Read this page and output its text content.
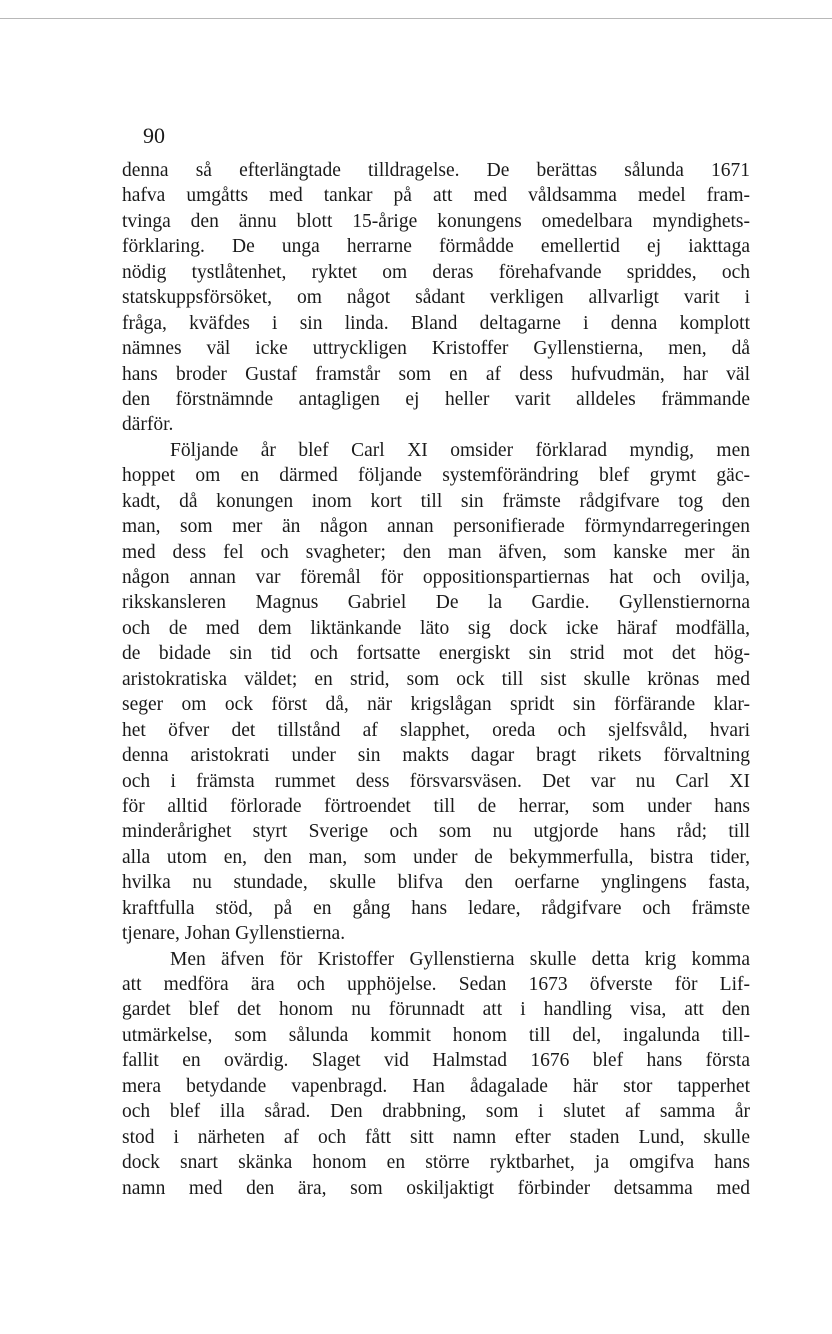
90
denna så efterlängtade tilldragelse. De berättas sålunda 1671
hafva umgåtts med tankar på att med våldsamma medel fram-
tvinga den ännu blott 15-årige konungens omedelbara myndighets-
förklaring. De unga herrarne förmådde emellertid ej iakttaga
nödig tystlåtenhet, ryktet om deras förehafvande spriddes, och
statskuppsförsöket, om något sådant verkligen allvarligt varit i
fråga, kväfdes i sin linda. Bland deltagarne i denna komplott
nämnes väl icke uttryckligen Kristoffer Gyllenstierna, men, då
hans broder Gustaf framstår som en af dess hufvudmän, har väl
den förstnämnde antagligen ej heller varit alldeles främmande
därför.
Följande år blef Carl XI omsider förklarad myndig, men
hoppet om en därmed följande systemförändring blef grymt gäc-
kadt, då konungen inom kort till sin främste rådgifvare tog den
man, som mer än någon annan personifierade förmyndarregeringen
med dess fel och svagheter; den man äfven, som kanske mer än
någon annan var föremål för oppositionspartiernas hat och ovilja,
rikskansleren Magnus Gabriel De la Gardie. Gyllenstiernorna
och de med dem liktänkande läto sig dock icke häraf modfälla,
de bidade sin tid och fortsatte energiskt sin strid mot det hög-
aristokratiska väldet; en strid, som ock till sist skulle krönas med
seger om ock först då, när krigslågan spridt sin förfärande klar-
het öfver det tillstånd af slapphet, oreda och sjelfsvåld, hvari
denna aristokrati under sin makts dagar bragt rikets förvaltning
och i främsta rummet dess försvarsväsen. Det var nu Carl XI
för alltid förlorade förtroendet till de herrar, som under hans
minderårighet styrt Sverige och som nu utgjorde hans råd; till
alla utom en, den man, som under de bekymmerfulla, bistra tider,
hvilka nu stundade, skulle blifva den oerfarne ynglingens fasta,
kraftfulla stöd, på en gång hans ledare, rådgifvare och främste
tjenare, Johan Gyllenstierna.
Men äfven för Kristoffer Gyllenstierna skulle detta krig komma
att medföra ära och upphöjelse. Sedan 1673 öfverste för Lif-
gardet blef det honom nu förunnadt att i handling visa, att den
utmärkelse, som sålunda kommit honom till del, ingalunda till-
fallit en ovärdig. Slaget vid Halmstad 1676 blef hans första
mera betydande vapenbragd. Han ådagalade här stor tapperhet
och blef illa sårad. Den drabbning, som i slutet af samma år
stod i närheten af och fått sitt namn efter staden Lund, skulle
dock snart skänka honom en större ryktbarhet, ja omgifva hans
namn med den ära, som oskiljaktigt förbinder detsamma med
